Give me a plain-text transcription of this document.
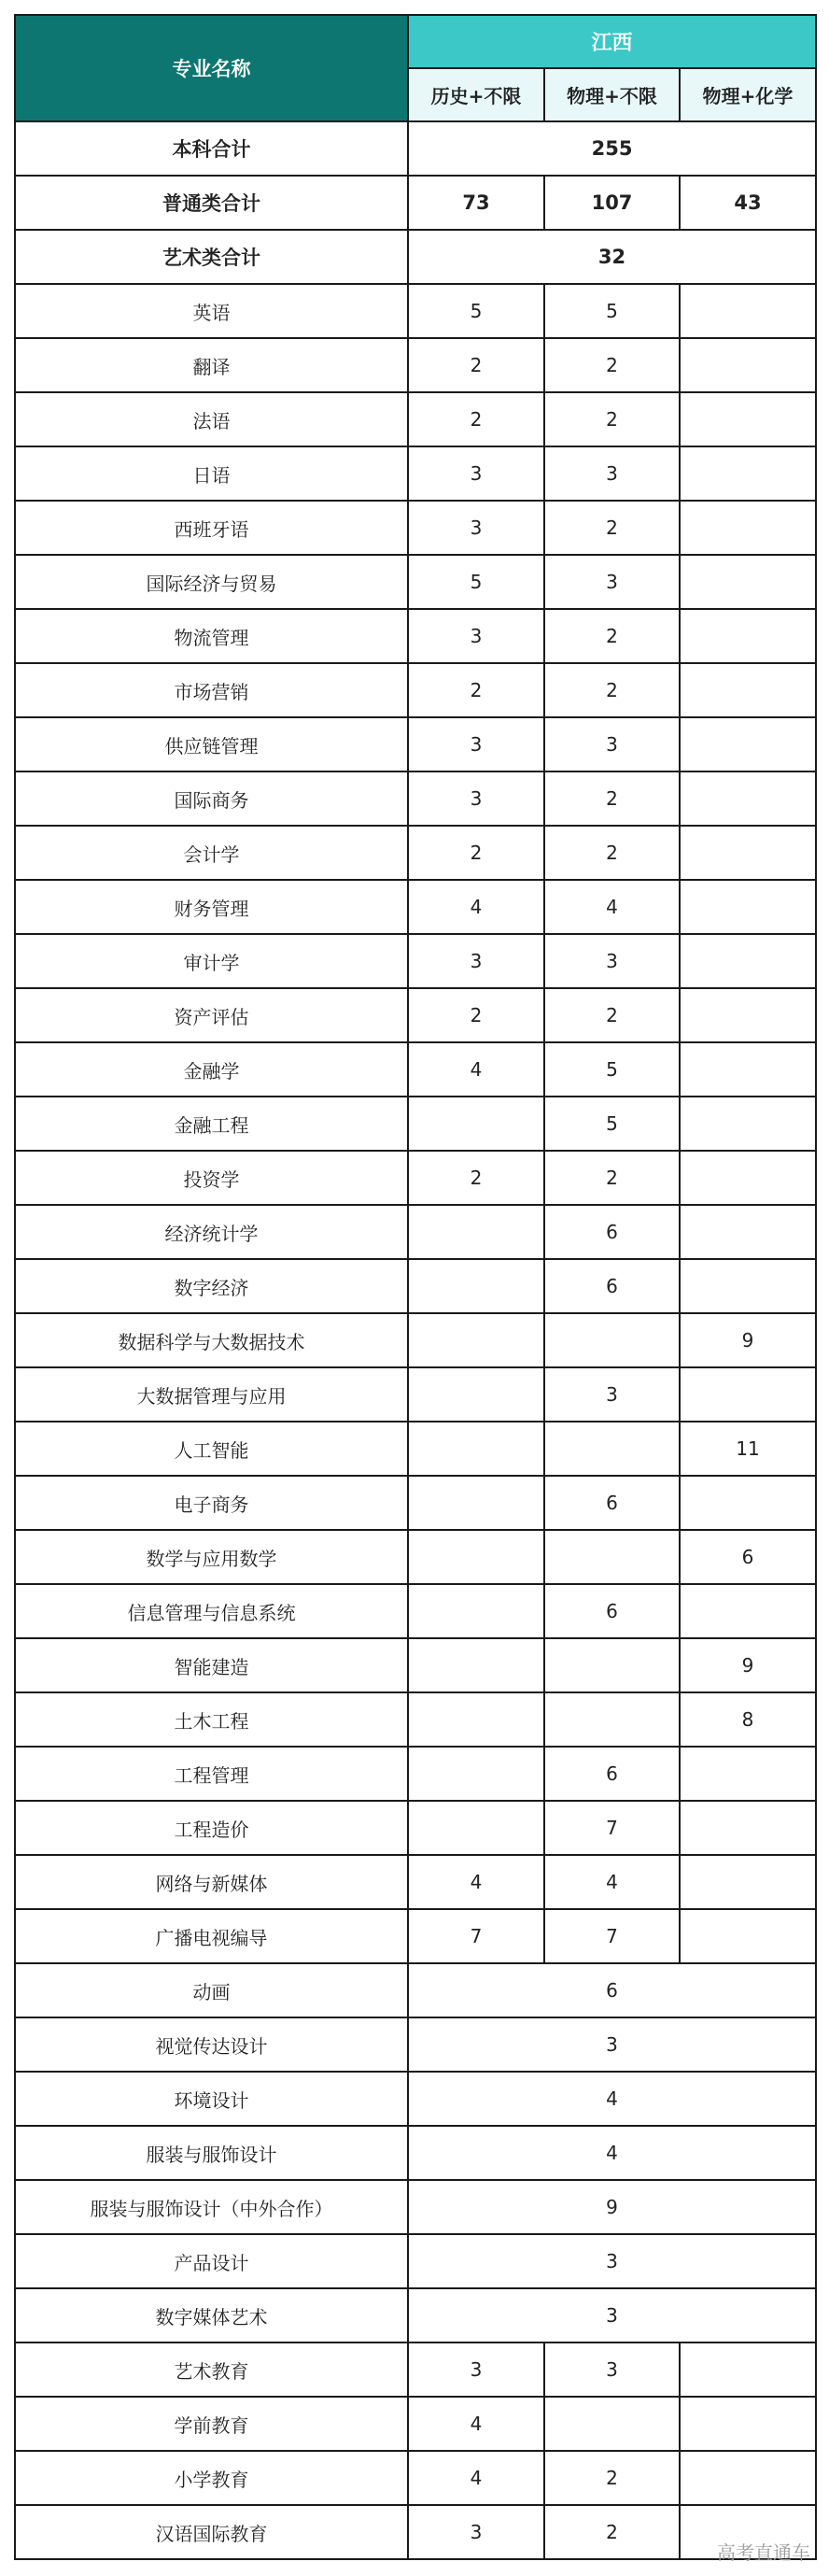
专业名称	江西		
	历史+不限	物理+不限	物理+化学
本科合计	255		
普通类合计	73	107	43
艺术类合计	32		
英语	5	5	
翻译	2	2	
法语	2	2	
日语	3	3	
西班牙语	3	2	
国际经济与贸易	5	3	
物流管理	3	2	
市场营销	2	2	
供应链管理	3	3	
国际商务	3	2	
会计学	2	2	
财务管理	4	4	
审计学	3	3	
资产评估	2	2	
金融学	4	5	
金融工程		5	
投资学	2	2	
经济统计学		6	
数字经济		6	
数据科学与大数据技术			9
大数据管理与应用		3	
人工智能			11
电子商务		6	
数学与应用数学			6
信息管理与信息系统		6	
智能建造			9
土木工程			8
工程管理		6	
工程造价		7	
网络与新媒体	4	4	
广播电视编导	7	7	
动画	6		
视觉传达设计	3		
环境设计	4		
服装与服饰设计	4		
服装与服饰设计（中外合作）	9		
产品设计	3		
数字媒体艺术	3		
艺术教育	3	3	
学前教育	4		
小学教育	4	2	
汉语国际教育	3	2	
高考直通车
